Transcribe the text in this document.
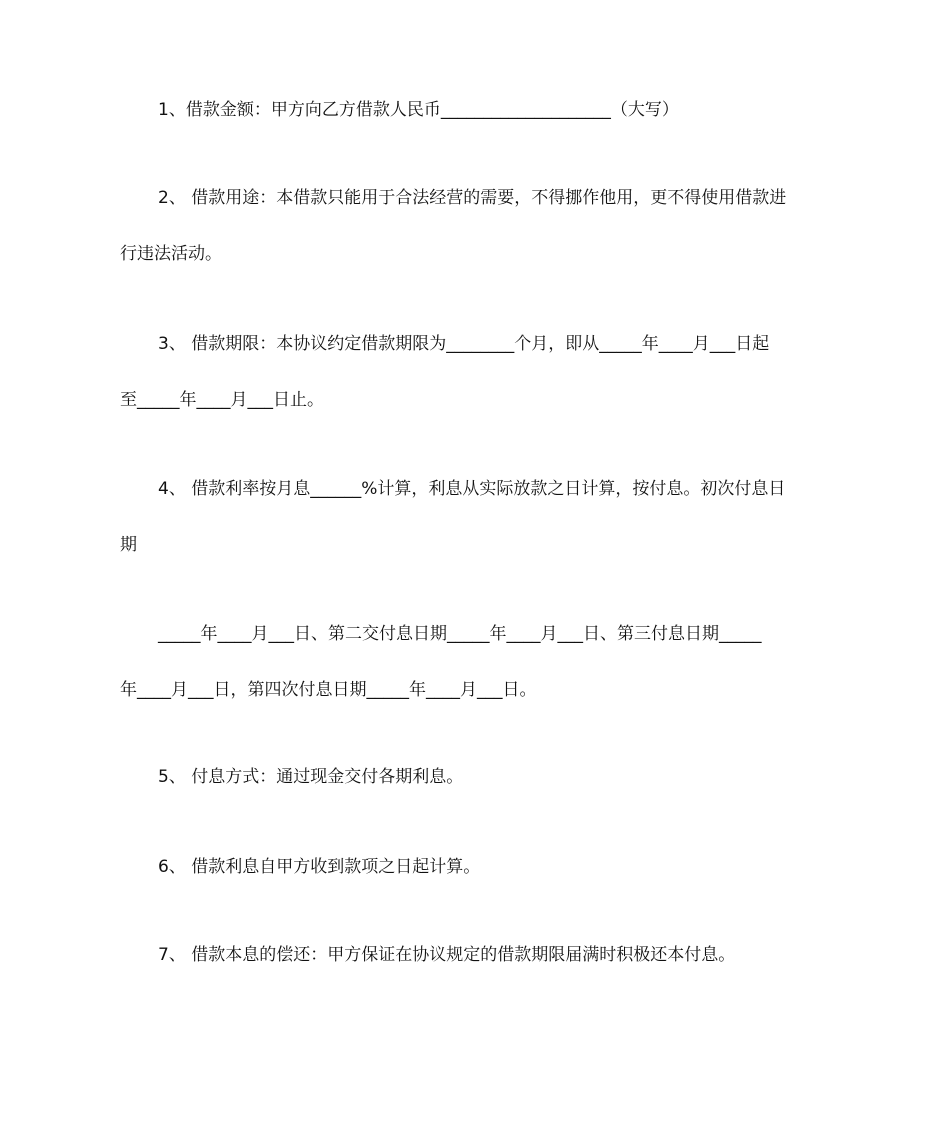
1、借款金额：甲方向乙方借款人民币____________________（大写）
2、 借款用途：本借款只能用于合法经营的需要，不得挪作他用，更不得使用借款进
行违法活动。
3、 借款期限：本协议约定借款期限为________个月，即从_____年____月___日起
至_____年____月___日止。
4、 借款利率按月息______%计算，利息从实际放款之日计算，按付息。初次付息日
期
_____年____月___日、第二交付息日期_____年____月___日、第三付息日期_____
年____月___日，第四次付息日期_____年____月___日。
5、 付息方式：通过现金交付各期利息。
6、 借款利息自甲方收到款项之日起计算。
7、 借款本息的偿还：甲方保证在协议规定的借款期限届满时积极还本付息。
